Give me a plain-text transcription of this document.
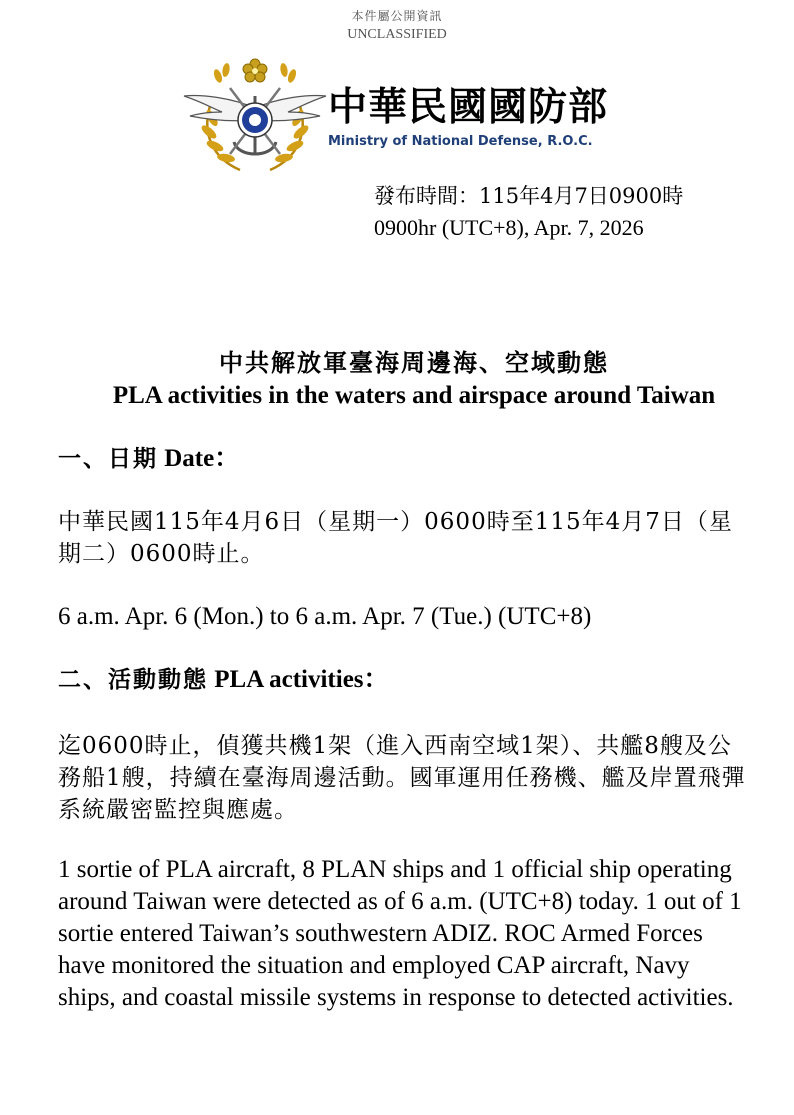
本件屬公開資訊
UNCLASSIFIED
中華民國國防部
Ministry of National Defense, R.O.C.
發布時間：115年4月7日0900時
0900hr (UTC+8), Apr. 7, 2026
中共解放軍臺海周邊海、空域動態
PLA activities in the waters and airspace around Taiwan
一、日期 Date：
中華民國115年4月6日（星期一）0600時至115年4月7日（星期二）0600時止。
6 a.m. Apr. 6 (Mon.) to 6 a.m. Apr. 7 (Tue.) (UTC+8)
二、活動動態 PLA activities：
迄0600時止，偵獲共機1架（進入西南空域1架）、共艦8艘及公務船1艘，持續在臺海周邊活動。國軍運用任務機、艦及岸置飛彈系統嚴密監控與應處。
1 sortie of PLA aircraft, 8 PLAN ships and 1 official ship operating around Taiwan were detected as of 6 a.m. (UTC+8) today. 1 out of 1 sortie entered Taiwan’s southwestern ADIZ. ROC Armed Forces have monitored the situation and employed CAP aircraft, Navy ships, and coastal missile systems in response to detected activities.
